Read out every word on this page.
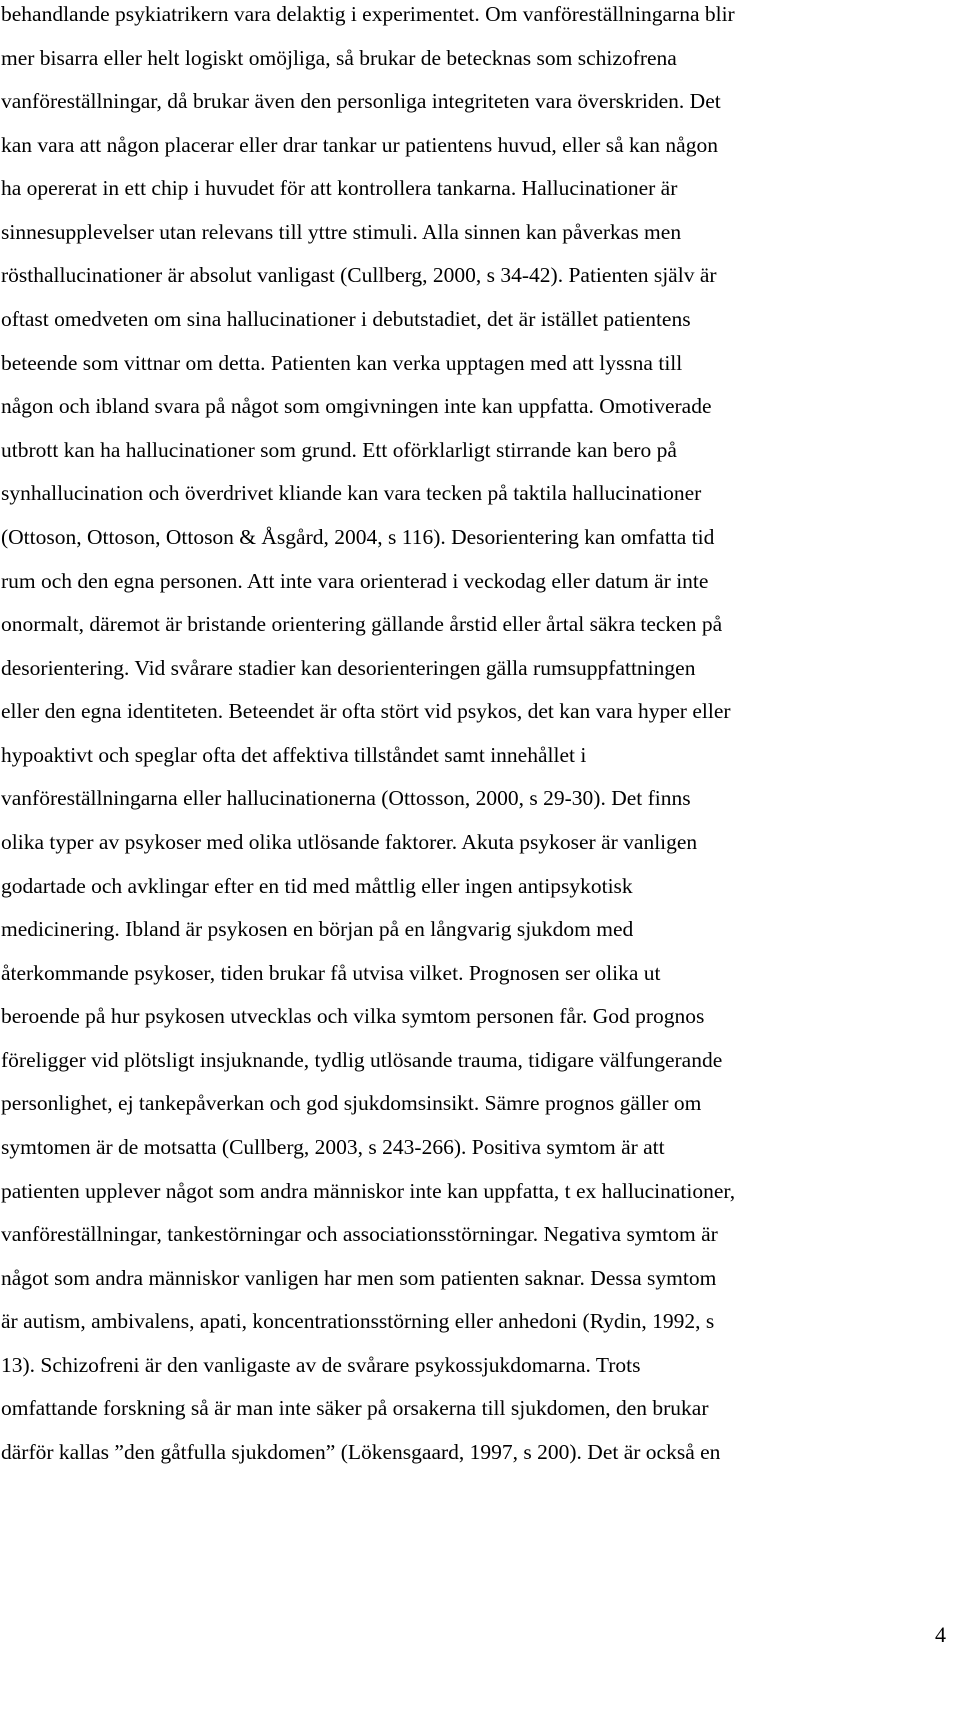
behandlande psykiatrikern vara delaktig i experimentet. Om vanföreställningarna blir
mer bisarra eller helt logiskt omöjliga, så brukar de betecknas som schizofrena
vanföreställningar, då brukar även den personliga integriteten vara överskriden. Det
kan vara att någon placerar eller drar tankar ur patientens huvud, eller så kan någon
ha opererat in ett chip i huvudet för att kontrollera tankarna. Hallucinationer är
sinnesupplevelser utan relevans till yttre stimuli. Alla sinnen kan påverkas men
rösthallucinationer är absolut vanligast (Cullberg, 2000, s 34-42). Patienten själv är
oftast omedveten om sina hallucinationer i debutstadiet, det är istället patientens
beteende som vittnar om detta. Patienten kan verka upptagen med att lyssna till
någon och ibland svara på något som omgivningen inte kan uppfatta. Omotiverade
utbrott kan ha hallucinationer som grund. Ett oförklarligt stirrande kan bero på
synhallucination och överdrivet kliande kan vara tecken på taktila hallucinationer
(Ottoson, Ottoson, Ottoson & Åsgård, 2004, s 116). Desorientering kan omfatta tid
rum och den egna personen. Att inte vara orienterad i veckodag eller datum är inte
onormalt, däremot är bristande orientering gällande årstid eller årtal säkra tecken på
desorientering. Vid svårare stadier kan desorienteringen gälla rumsuppfattningen
eller den egna identiteten. Beteendet är ofta stört vid psykos, det kan vara hyper eller
hypoaktivt och speglar ofta det affektiva tillståndet samt innehållet i
vanföreställningarna eller hallucinationerna (Ottosson, 2000, s 29-30). Det finns
olika typer av psykoser med olika utlösande faktorer. Akuta psykoser är vanligen
godartade och avklingar efter en tid med måttlig eller ingen antipsykotisk
medicinering. Ibland är psykosen en början på en långvarig sjukdom med
återkommande psykoser, tiden brukar få utvisa vilket. Prognosen ser olika ut
beroende på hur psykosen utvecklas och vilka symtom personen får. God prognos
föreligger vid plötsligt insjuknande, tydlig utlösande trauma, tidigare välfungerande
personlighet, ej tankepåverkan och god sjukdomsinsikt. Sämre prognos gäller om
symtomen är de motsatta (Cullberg, 2003, s 243-266). Positiva symtom är att
patienten upplever något som andra människor inte kan uppfatta, t ex hallucinationer,
vanföreställningar, tankestörningar och associationsstörningar. Negativa symtom är
något som andra människor vanligen har men som patienten saknar. Dessa symtom
är autism, ambivalens, apati, koncentrationsstörning eller anhedoni (Rydin, 1992, s
13). Schizofreni är den vanligaste av de svårare psykossjukdomarna. Trots
omfattande forskning så är man inte säker på orsakerna till sjukdomen, den brukar
därför kallas ”den gåtfulla sjukdomen” (Lökensgaard, 1997, s 200). Det är också en
4
